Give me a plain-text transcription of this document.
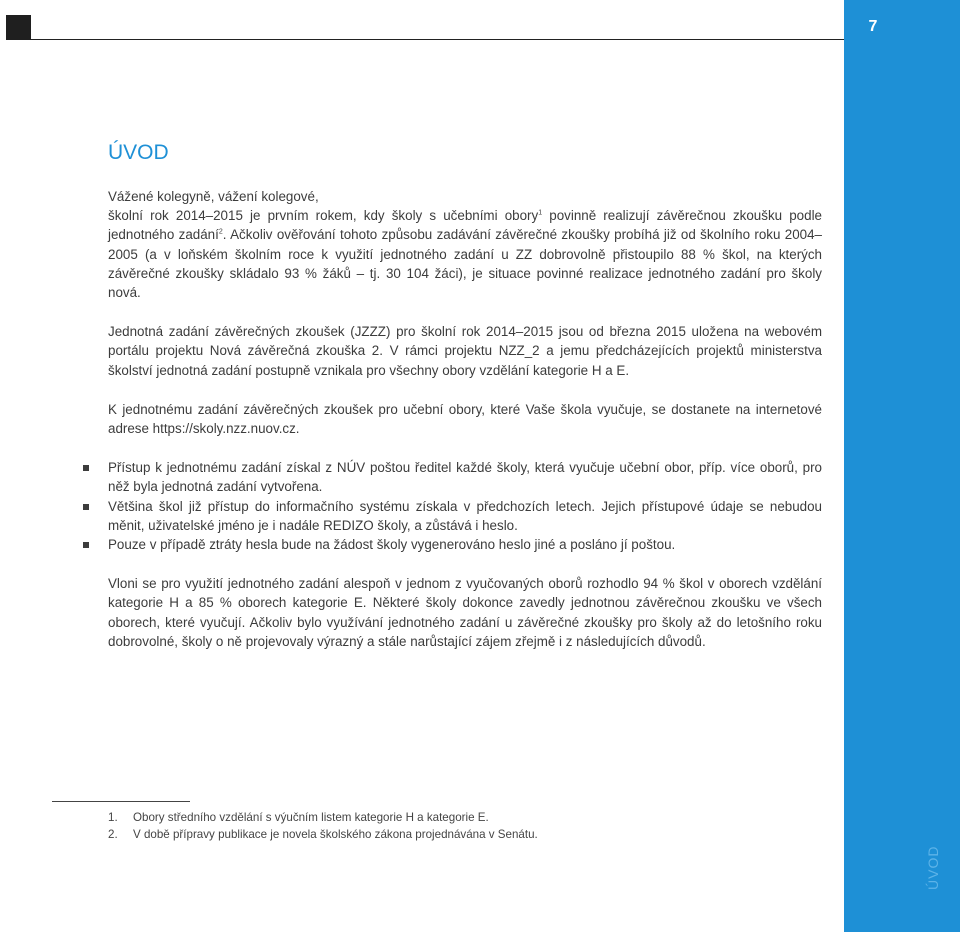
7
ÚVOD
ÚVOD

Vážené kolegyně, vážení kolegové,
školní rok 2014–2015 je prvním rokem, kdy školy s učebními obory$^1$ povinně realizují závěrečnou zkoušku podle jednotného zadání$^2$. Ačkoliv ověřování tohoto způsobu zadávání závěrečné zkoušky probíhá již od školního roku 2004–2005 (a v loňském školním roce k využití jednotného zadání u ZZ dobrovolně přistoupilo 88 % škol, na kterých závěrečné zkoušky skládalo 93 % žáků – tj. 30 104 žáci), je situace povinné realizace jednotného zadání pro školy nová.

Jednotná zadání závěrečných zkoušek (JZZZ) pro školní rok 2014–2015 jsou od března 2015 uložena na webovém portálu projektu Nová závěrečná zkouška 2. V rámci projektu NZZ_2 a jemu předcházejících projektů ministerstva školství jednotná zadání postupně vznikala pro všechny obory vzdělání kategorie H a E.

K jednotnému zadání závěrečných zkoušek pro učební obory, které Vaše škola vyučuje, se dostanete na internetové adrese https://skoly.nzz.nuov.cz.

Přístup k jednotnému zadání získal z NÚV poštou ředitel každé školy, která vyučuje učební obor, příp. více oborů, pro něž byla jednotná zadání vytvořena.
Většina škol již přístup do informačního systému získala v předchozích letech. Jejich přístupové údaje se nebudou měnit, uživatelské jméno je i nadále REDIZO školy, a zůstává i heslo.
Pouze v případě ztráty hesla bude na žádost školy vygenerováno heslo jiné a posláno jí poštou.

Vloni se pro využití jednotného zadání alespoň v jednom z vyučovaných oborů rozhodlo 94 % škol v oborech vzdělání kategorie H a 85 % oborech kategorie E. Některé školy dokonce zavedly jednotnou závěrečnou zkoušku ve všech oborech, které vyučují. Ačkoliv bylo využívání jednotného zadání u závěrečné zkoušky pro školy až do letošního roku dobrovolné, školy o ně projevovaly výrazný a stále narůstající zájem zřejmě i z následujících důvodů.

1.	Obory středního vzdělání s výučním listem kategorie H a kategorie E.
2.	V době přípravy publikace je novela školského zákona projednávána v Senátu.
